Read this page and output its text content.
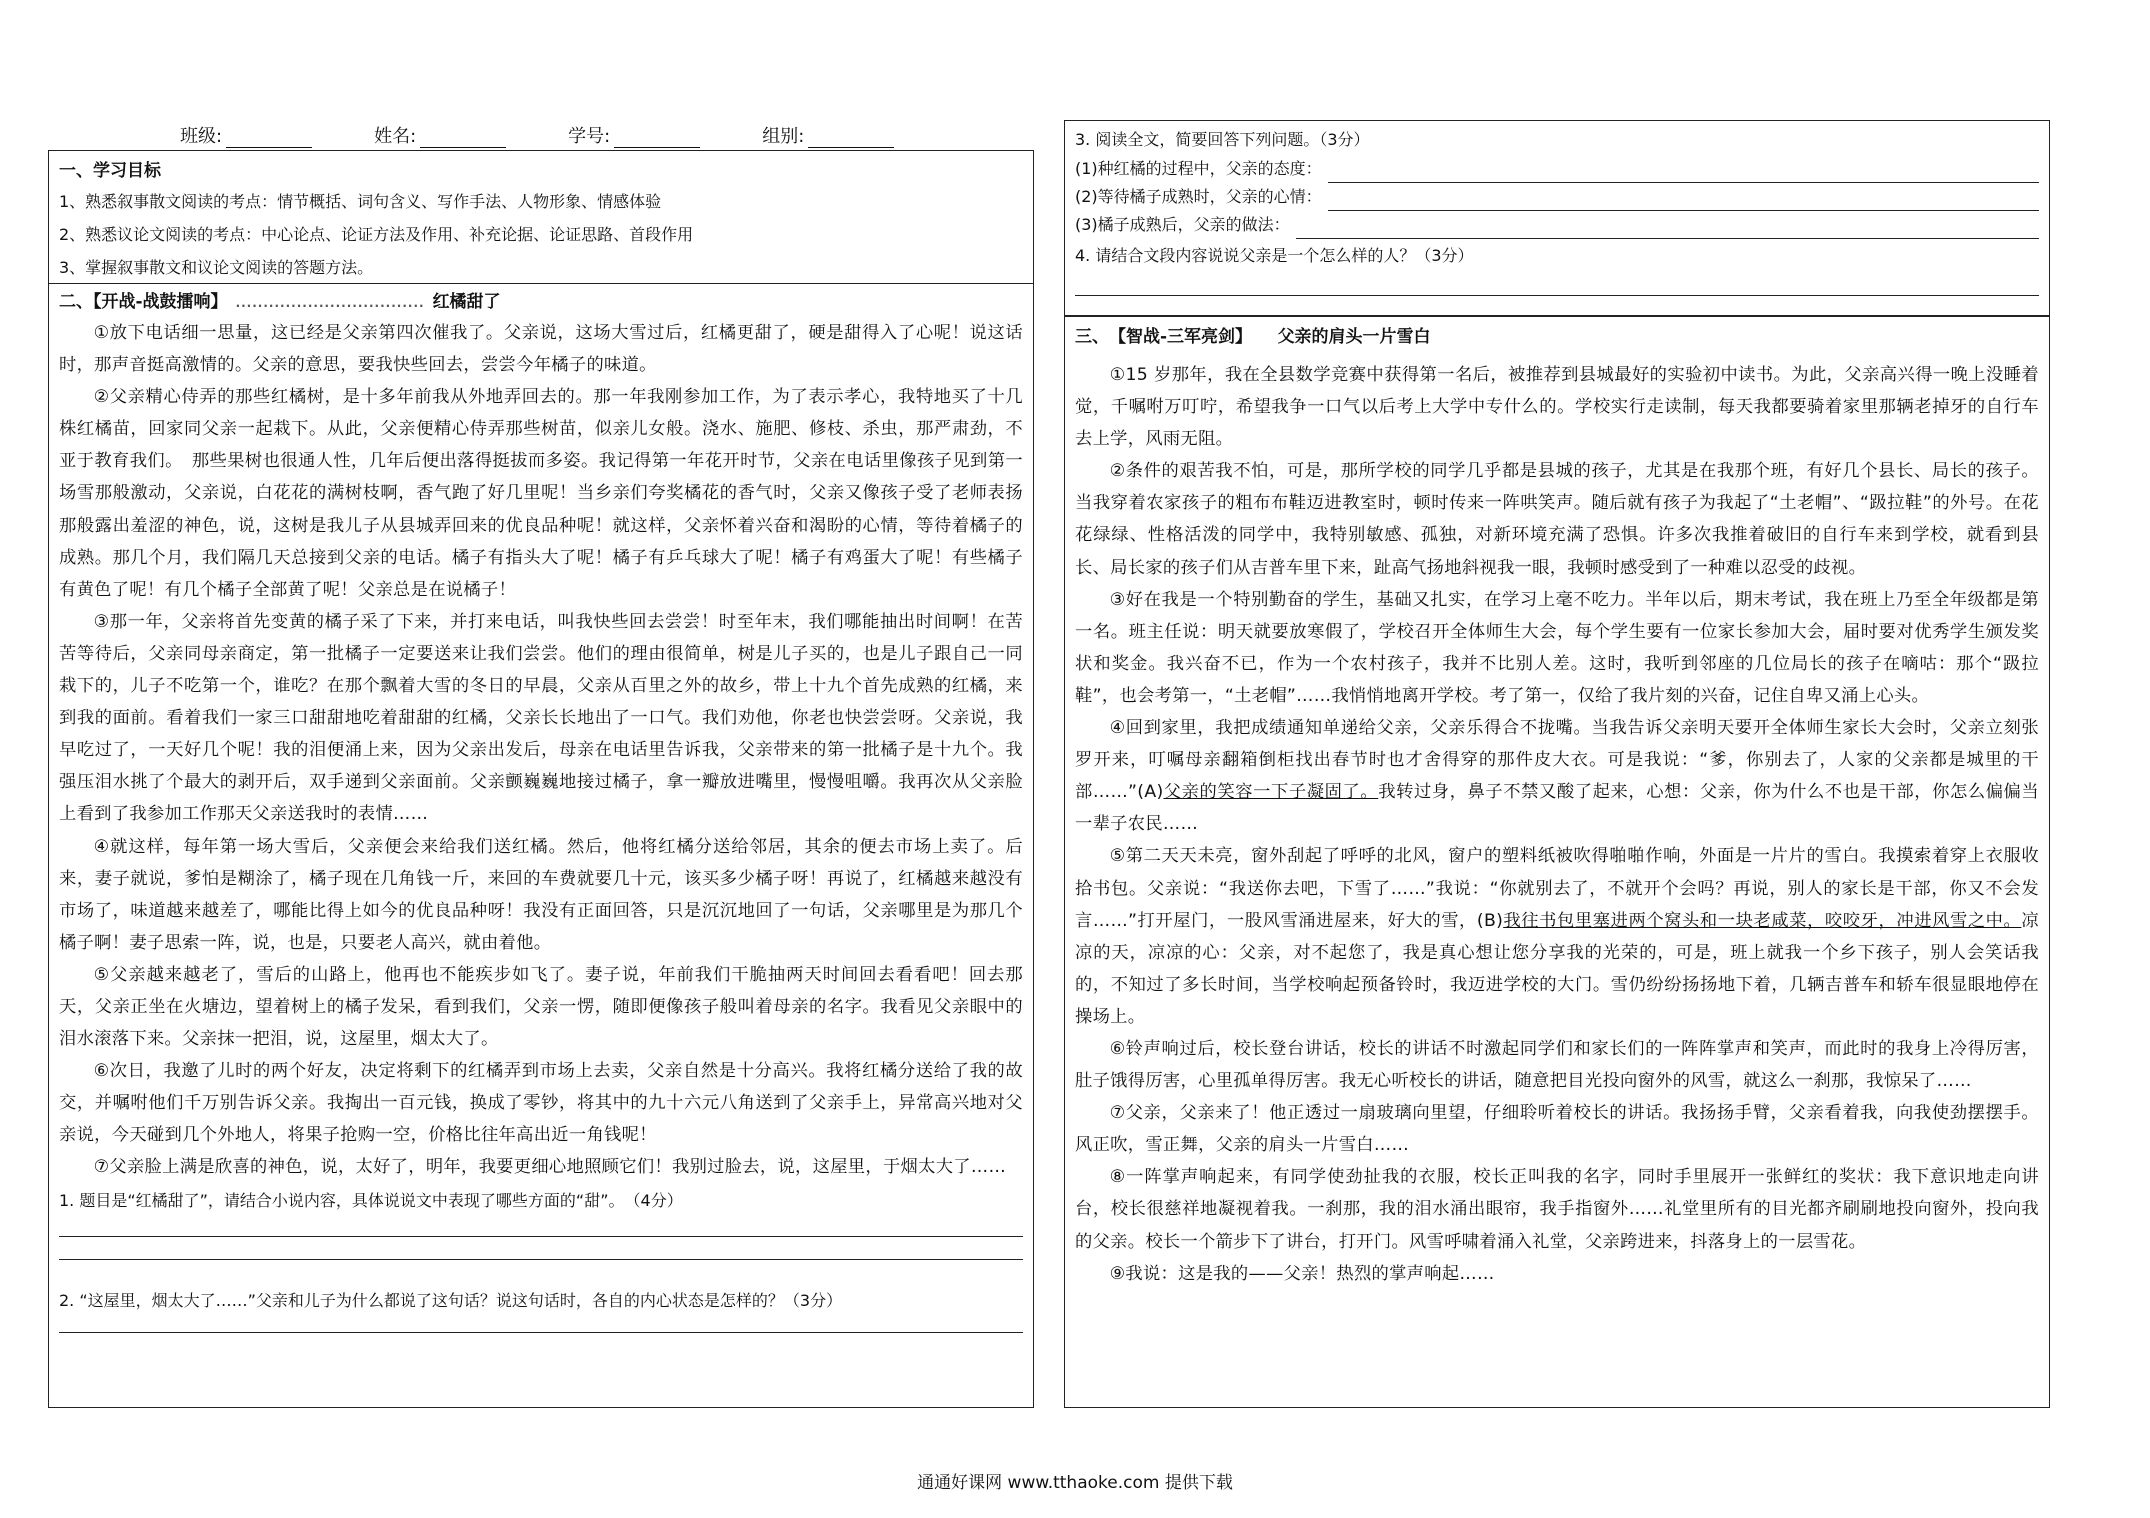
班级:	姓名:	学号:	组别:
一、学习目标
1、熟悉叙事散文阅读的考点：情节概括、词句含义、写作手法、人物形象、情感体验
2、熟悉议论文阅读的考点：中心论点、论证方法及作用、补充论据、论证思路、首段作用
3、掌握叙事散文和议论文阅读的答题方法。
二、【开战-战鼓擂响】 .................................. 红橘甜了

①放下电话细一思量，这已经是父亲第四次催我了。父亲说，这场大雪过后，红橘更甜了，硬是甜得入了心呢！说这话时，那声音挺高激情的。父亲的意思，要我快些回去，尝尝今年橘子的味道。

②父亲精心侍弄的那些红橘树，是十多年前我从外地弄回去的。那一年我刚参加工作，为了表示孝心，我特地买了十几株红橘苗，回家同父亲一起栽下。从此，父亲便精心侍弄那些树苗，似亲儿女般。浇水、施肥、修枝、杀虫，那严肃劲，不亚于教育我们。　那些果树也很通人性，几年后便出落得挺拔而多姿。我记得第一年花开时节，父亲在电话里像孩子见到第一场雪那般激动，父亲说，白花花的满树枝啊，香气跑了好几里呢！当乡亲们夸奖橘花的香气时，父亲又像孩子受了老师表扬那般露出羞涩的神色，说，这树是我儿子从县城弄回来的优良品种呢！就这样，父亲怀着兴奋和渴盼的心情，等待着橘子的成熟。那几个月，我们隔几天总接到父亲的电话。橘子有指头大了呢！橘子有乒乓球大了呢！橘子有鸡蛋大了呢！有些橘子有黄色了呢！有几个橘子全部黄了呢！父亲总是在说橘子！

③那一年，父亲将首先变黄的橘子采了下来，并打来电话，叫我快些回去尝尝！时至年末，我们哪能抽出时间啊！在苦苦等待后，父亲同母亲商定，第一批橘子一定要送来让我们尝尝。他们的理由很简单，树是儿子买的，也是儿子跟自己一同栽下的，儿子不吃第一个，谁吃？在那个飘着大雪的冬日的早晨，父亲从百里之外的故乡，带上十九个首先成熟的红橘，来到我的面前。看着我们一家三口甜甜地吃着甜甜的红橘，父亲长长地出了一口气。我们劝他，你老也快尝尝呀。父亲说，我早吃过了，一天好几个呢！我的泪便涌上来，因为父亲出发后，母亲在电话里告诉我，父亲带来的第一批橘子是十九个。我强压泪水挑了个最大的剥开后，双手递到父亲面前。父亲颤巍巍地接过橘子，拿一瓣放进嘴里，慢慢咀嚼。我再次从父亲脸上看到了我参加工作那天父亲送我时的表情……

④就这样，每年第一场大雪后，父亲便会来给我们送红橘。然后，他将红橘分送给邻居，其余的便去市场上卖了。后来，妻子就说，爹怕是糊涂了，橘子现在几角钱一斤，来回的车费就要几十元，该买多少橘子呀！再说了，红橘越来越没有市场了，味道越来越差了，哪能比得上如今的优良品种呀！我没有正面回答，只是沉沉地回了一句话，父亲哪里是为那几个橘子啊！妻子思索一阵，说，也是，只要老人高兴，就由着他。

⑤父亲越来越老了，雪后的山路上，他再也不能疾步如飞了。妻子说，年前我们干脆抽两天时间回去看看吧！回去那天，父亲正坐在火塘边，望着树上的橘子发呆，看到我们，父亲一愣，随即便像孩子般叫着母亲的名字。我看见父亲眼中的泪水滚落下来。父亲抹一把泪，说，这屋里，烟太大了。

⑥次日，我邀了儿时的两个好友，决定将剩下的红橘弄到市场上去卖，父亲自然是十分高兴。我将红橘分送给了我的故交，并嘱咐他们千万别告诉父亲。我掏出一百元钱，换成了零钞，将其中的九十六元八角送到了父亲手上，异常高兴地对父亲说，今天碰到几个外地人，将果子抢购一空，价格比往年高出近一角钱呢！

⑦父亲脸上满是欣喜的神色，说，太好了，明年，我要更细心地照顾它们！我别过脸去，说，这屋里，于烟太大了……

1. 题目是“红橘甜了”，请结合小说内容，具体说说文中表现了哪些方面的“甜”。　（4分）
2. “这屋里，烟太大了……”父亲和儿子为什么都说了这句话？说这句话时，各自的内心状态是怎样的？（3分）
3. 阅读全文，简要回答下列问题。（3分）
(1)种红橘的过程中，父亲的态度：
(2)等待橘子成熟时，父亲的心情：
(3)橘子成熟后，父亲的做法：
4. 请结合文段内容说说父亲是一个怎么样的人？（3分）
三、　【智战-三军亮剑】　　 父亲的肩头一片雪白

①15 岁那年，我在全县数学竞赛中获得第一名后，被推荐到县城最好的实验初中读书。为此，父亲高兴得一晚上没睡着觉，千嘱咐万叮咛，希望我争一口气以后考上大学中专什么的。学校实行走读制，每天我都要骑着家里那辆老掉牙的自行车去上学，风雨无阻。

②条件的艰苦我不怕，可是，那所学校的同学几乎都是县城的孩子，尤其是在我那个班，有好几个县长、局长的孩子。当我穿着农家孩子的粗布布鞋迈进教室时，顿时传来一阵哄笑声。随后就有孩子为我起了“土老帽”、“趿拉鞋”的外号。在花花绿绿、性格活泼的同学中，我特别敏感、孤独，对新环境充满了恐惧。许多次我推着破旧的自行车来到学校，就看到县长、局长家的孩子们从吉普车里下来，趾高气扬地斜视我一眼，我顿时感受到了一种难以忍受的歧视。

③好在我是一个特别勤奋的学生，基础又扎实，在学习上毫不吃力。半年以后，期末考试，我在班上乃至全年级都是第一名。班主任说：明天就要放寒假了，学校召开全体师生大会，每个学生要有一位家长参加大会，届时要对优秀学生颁发奖状和奖金。我兴奋不已，作为一个农村孩子，我并不比别人差。这时，我听到邻座的几位局长的孩子在嘀咕：那个“趿拉鞋”，也会考第一，“土老帽”……我悄悄地离开学校。考了第一，仅给了我片刻的兴奋，记住自卑又涌上心头。

④回到家里，我把成绩通知单递给父亲，父亲乐得合不拢嘴。当我告诉父亲明天要开全体师生家长大会时，父亲立刻张罗开来，叮嘱母亲翻箱倒柜找出春节时也才舍得穿的那件皮大衣。可是我说：“爹，你别去了，人家的父亲都是城里的干部……”(A)父亲的笑容一下子凝固了。我转过身，鼻子不禁又酸了起来，心想：父亲，你为什么不也是干部，你怎么偏偏当一辈子农民……

⑤第二天天未亮，窗外刮起了呼呼的北风，窗户的塑料纸被吹得啪啪作响，外面是一片片的雪白。我摸索着穿上衣服收拾书包。父亲说：“我送你去吧，下雪了……”我说：“你就别去了，不就开个会吗？再说，别人的家长是干部，你又不会发言……”打开屋门，一股风雪涌进屋来，好大的雪，(B)我往书包里塞进两个窝头和一块老咸菜，咬咬牙，冲进风雪之中。凉凉的天，凉凉的心：父亲，对不起您了，我是真心想让您分享我的光荣的，可是，班上就我一个乡下孩子，别人会笑话我的，不知过了多长时间，当学校响起预备铃时，我迈进学校的大门。雪仍纷纷扬扬地下着，几辆吉普车和轿车很显眼地停在操场上。

⑥铃声响过后，校长登台讲话，校长的讲话不时激起同学们和家长们的一阵阵掌声和笑声，而此时的我身上冷得厉害，肚子饿得厉害，心里孤单得厉害。我无心听校长的讲话，随意把目光投向窗外的风雪，就这么一刹那，我惊呆了……

⑦父亲，父亲来了！他正透过一扇玻璃向里望，仔细聆听着校长的讲话。我扬扬手臂，父亲看着我，向我使劲摆摆手。风正吹，雪正舞，父亲的肩头一片雪白……

⑧一阵掌声响起来，有同学使劲扯我的衣服，校长正叫我的名字，同时手里展开一张鲜红的奖状：我下意识地走向讲台，校长很慈祥地凝视着我。一刹那，我的泪水涌出眼帘，我手指窗外……礼堂里所有的目光都齐刷刷地投向窗外，投向我的父亲。校长一个箭步下了讲台，打开门。风雪呼啸着涌入礼堂，父亲跨进来，抖落身上的一层雪花。

⑨我说：这是我的——父亲！热烈的掌声响起……

通通好课网 www.tthaoke.com 提供下载
